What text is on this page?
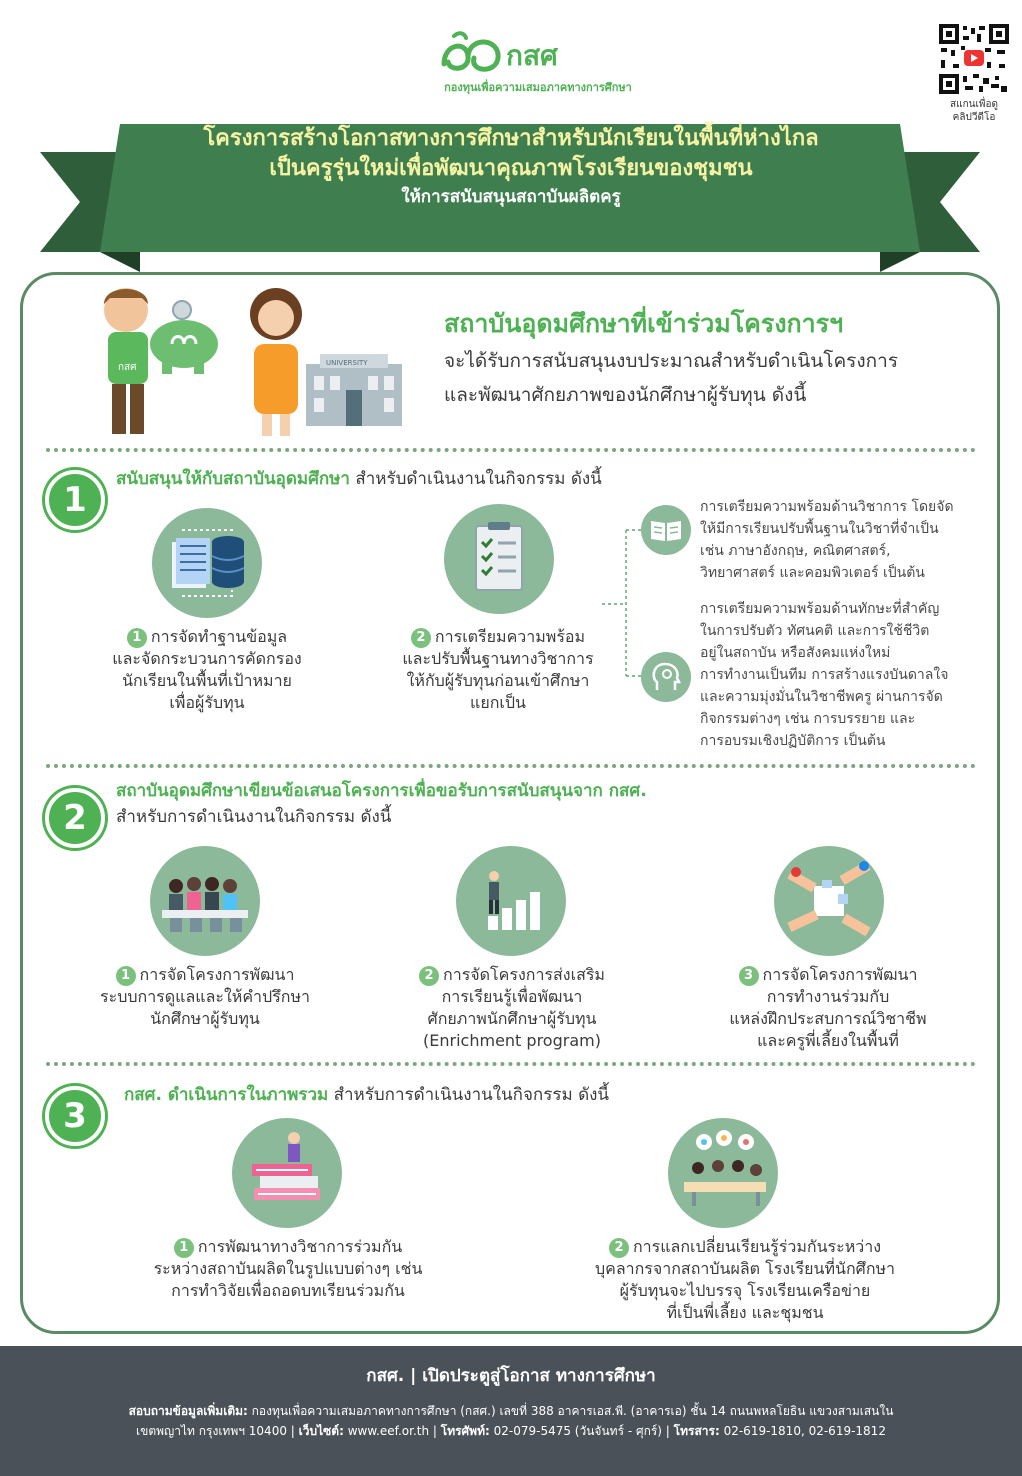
กสศ
กองทุนเพื่อความเสมอภาคทางการศึกษา
สแกนเพื่อดู
คลิปวีดีโอ
โครงการสร้างโอกาสทางการศึกษาสำหรับนักเรียนในพื้นที่ห่างไกล
เป็นครูรุ่นใหม่เพื่อพัฒนาคุณภาพโรงเรียนของชุมชน
ให้การสนับสนุนสถาบันผลิตครู
กสศ	UNIVERSITY
สถาบันอุดมศึกษาที่เข้าร่วมโครงการฯ
จะได้รับการสนับสนุนงบประมาณสำหรับดำเนินโครงการ
และพัฒนาศักยภาพของนักศึกษาผู้รับทุน ดังนี้
1
สนับสนุนให้กับสถาบันอุดมศึกษา สำหรับดำเนินงานในกิจกรรม ดังนี้
1 การจัดทำฐานข้อมูล
และจัดกระบวนการคัดกรอง
นักเรียนในพื้นที่เป้าหมาย
เพื่อผู้รับทุน
2 การเตรียมความพร้อม
และปรับพื้นฐานทางวิชาการ
ให้กับผู้รับทุนก่อนเข้าศึกษา
แยกเป็น
การเตรียมความพร้อมด้านวิชาการ โดยจัด
ให้มีการเรียนปรับพื้นฐานในวิชาที่จำเป็น
เช่น ภาษาอังกฤษ, คณิตศาสตร์,
วิทยาศาสตร์ และคอมพิวเตอร์ เป็นต้น
การเตรียมความพร้อมด้านทักษะที่สำคัญ
ในการปรับตัว ทัศนคติ และการใช้ชีวิต
อยู่ในสถาบัน หรือสังคมแห่งใหม่
การทำงานเป็นทีม การสร้างแรงบันดาลใจ
และความมุ่งมั่นในวิชาชีพครู ผ่านการจัด
กิจกรรมต่างๆ เช่น การบรรยาย และ
การอบรมเชิงปฏิบัติการ เป็นต้น
2
สถาบันอุดมศึกษาเขียนข้อเสนอโครงการเพื่อขอรับการสนับสนุนจาก กสศ.
สำหรับการดำเนินงานในกิจกรรม ดังนี้
1 การจัดโครงการพัฒนา
ระบบการดูแลและให้คำปรึกษา
นักศึกษาผู้รับทุน
2 การจัดโครงการส่งเสริม
การเรียนรู้เพื่อพัฒนา
ศักยภาพนักศึกษาผู้รับทุน
(Enrichment program)
3 การจัดโครงการพัฒนา
การทำงานร่วมกับ
แหล่งฝึกประสบการณ์วิชาชีพ
และครูพี่เลี้ยงในพื้นที่
3
กสศ. ดำเนินการในภาพรวม สำหรับการดำเนินงานในกิจกรรม ดังนี้
1 การพัฒนาทางวิชาการร่วมกัน
ระหว่างสถาบันผลิตในรูปแบบต่างๆ เช่น
การทำวิจัยเพื่อถอดบทเรียนร่วมกัน
2 การแลกเปลี่ยนเรียนรู้ร่วมกันระหว่าง
บุคลากรจากสถาบันผลิต โรงเรียนที่นักศึกษา
ผู้รับทุนจะไปบรรจุ โรงเรียนเครือข่าย
ที่เป็นพี่เลี้ยง และชุมชน
กสศ. | เปิดประตูสู่โอกาส ทางการศึกษา
สอบถามข้อมูลเพิ่มเติม: กองทุนเพื่อความเสมอภาคทางการศึกษา (กสศ.) เลขที่ 388 อาคารเอส.พี. (อาคารเอ) ชั้น 14 ถนนพหลโยธิน แขวงสามเสนใน
เขตพญาไท กรุงเทพฯ 10400 | เว็บไซต์: www.eef.or.th | โทรศัพท์: 02-079-5475 (วันจันทร์ - ศุกร์) | โทรสาร: 02-619-1810, 02-619-1812
